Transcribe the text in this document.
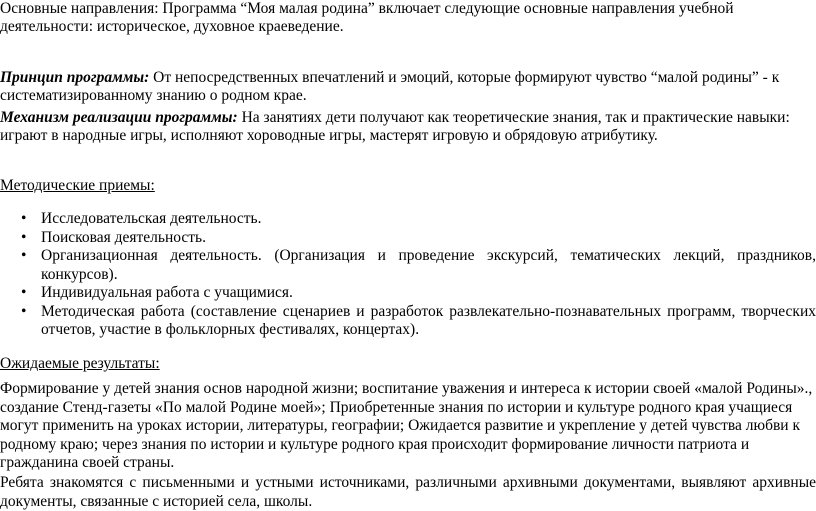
Основные направления: Программа “Моя малая родина” включает следующие основные направления учебной деятельности: историческое, духовное краеведение.

Принцип программы: От непосредственных впечатлений и эмоций, которые формируют чувство “малой родины” - к систематизированному знанию о родном крае.

Механизм реализации программы: На занятиях дети получают как теоретические знания, так и практические навыки: играют в народные игры, исполняют хороводные игры, мастерят игровую и обрядовую атрибутику.

Методические приемы:

• Исследовательская деятельность.
• Поисковая деятельность.
• Организационная деятельность. (Организация и проведение экскурсий, тематических лекций, праздников, конкурсов).
• Индивидуальная работа с учащимися.
• Методическая работа (составление сценариев и разработок развлекательно-познавательных программ, творческих отчетов, участие в фольклорных фестивалях, концертах).

Ожидаемые результаты:

Формирование у детей знания основ народной жизни; воспитание уважения и интереса к истории своей «малой Родины»., создание Стенд-газеты «По малой Родине моей»; Приобретенные знания по истории и культуре родного края учащиеся могут применить на уроках истории, литературы, географии; Ожидается развитие и укрепление у детей чувства любви к родному краю; через знания по истории и культуре родного края происходит формирование личности патриота и гражданина своей страны.

Ребята знакомятся с письменными и устными источниками, различными архивными документами, выявляют архивные документы, связанные с историей села, школы.
